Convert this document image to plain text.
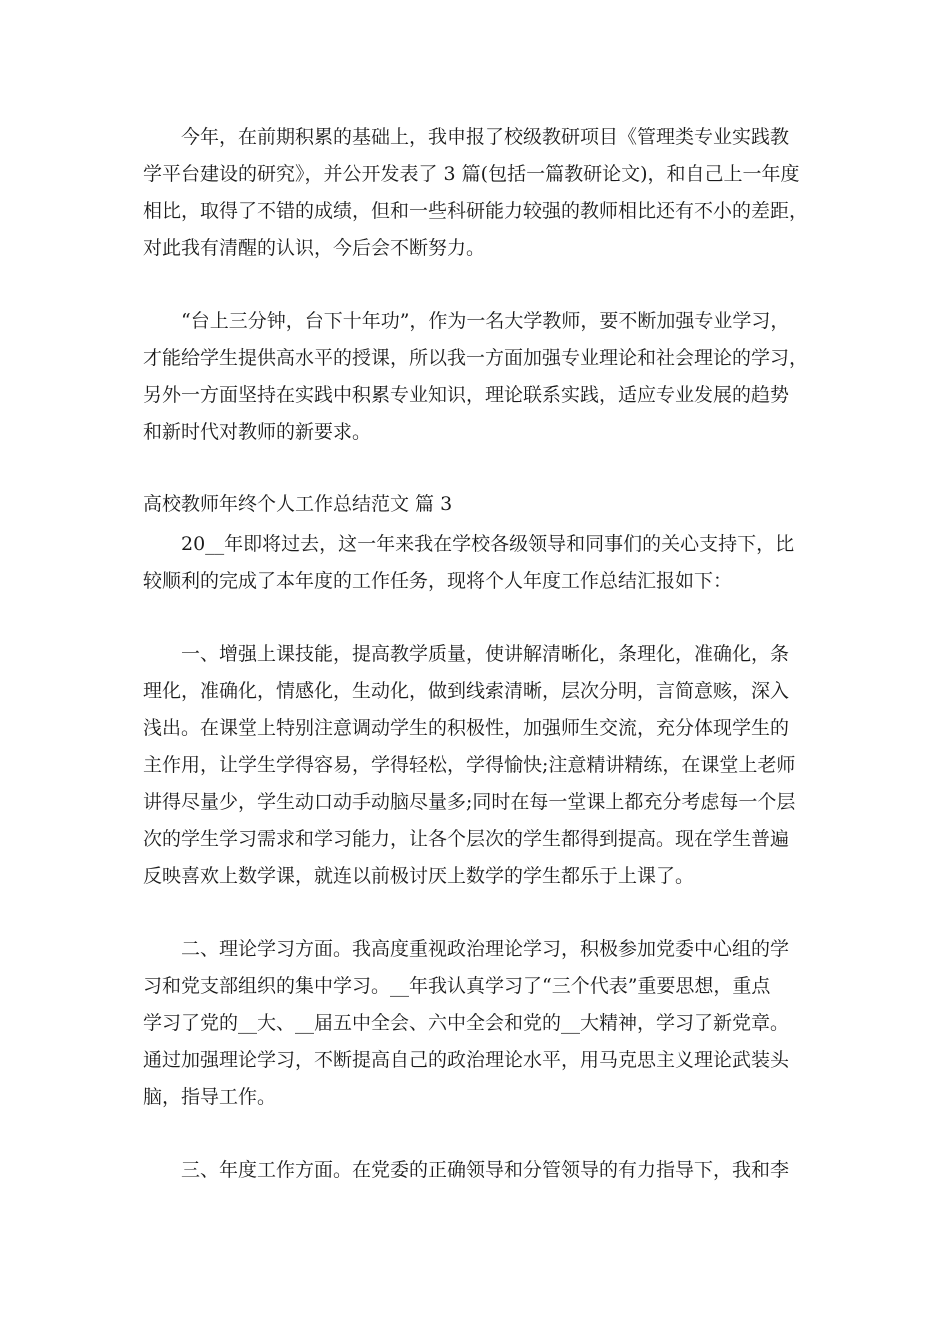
今年，在前期积累的基础上，我申报了校级教研项目《管理类专业实践教
学平台建设的研究》，并公开发表了 3 篇(包括一篇教研论文)，和自己上一年度
相比，取得了不错的成绩，但和一些科研能力较强的教师相比还有不小的差距，
对此我有清醒的认识，今后会不断努力。
“台上三分钟，台下十年功”，作为一名大学教师，要不断加强专业学习，
才能给学生提供高水平的授课，所以我一方面加强专业理论和社会理论的学习，
另外一方面坚持在实践中积累专业知识，理论联系实践，适应专业发展的趋势
和新时代对教师的新要求。
高校教师年终个人工作总结范文 篇 3
20__年即将过去，这一年来我在学校各级领导和同事们的关心支持下，比
较顺利的完成了本年度的工作任务，现将个人年度工作总结汇报如下：
一、增强上课技能，提高教学质量，使讲解清晰化，条理化，准确化，条
理化，准确化，情感化，生动化，做到线索清晰，层次分明，言简意赅，深入
浅出。在课堂上特别注意调动学生的积极性，加强师生交流，充分体现学生的
主作用，让学生学得容易，学得轻松，学得愉快;注意精讲精练，在课堂上老师
讲得尽量少，学生动口动手动脑尽量多;同时在每一堂课上都充分考虑每一个层
次的学生学习需求和学习能力，让各个层次的学生都得到提高。现在学生普遍
反映喜欢上数学课，就连以前极讨厌上数学的学生都乐于上课了。
二、理论学习方面。我高度重视政治理论学习，积极参加党委中心组的学
习和党支部组织的集中学习。__年我认真学习了“三个代表”重要思想，重点
学习了党的__大、__届五中全会、六中全会和党的__大精神，学习了新党章。
通过加强理论学习，不断提高自己的政治理论水平，用马克思主义理论武装头
脑，指导工作。
三、年度工作方面。在党委的正确领导和分管领导的有力指导下，我和李
